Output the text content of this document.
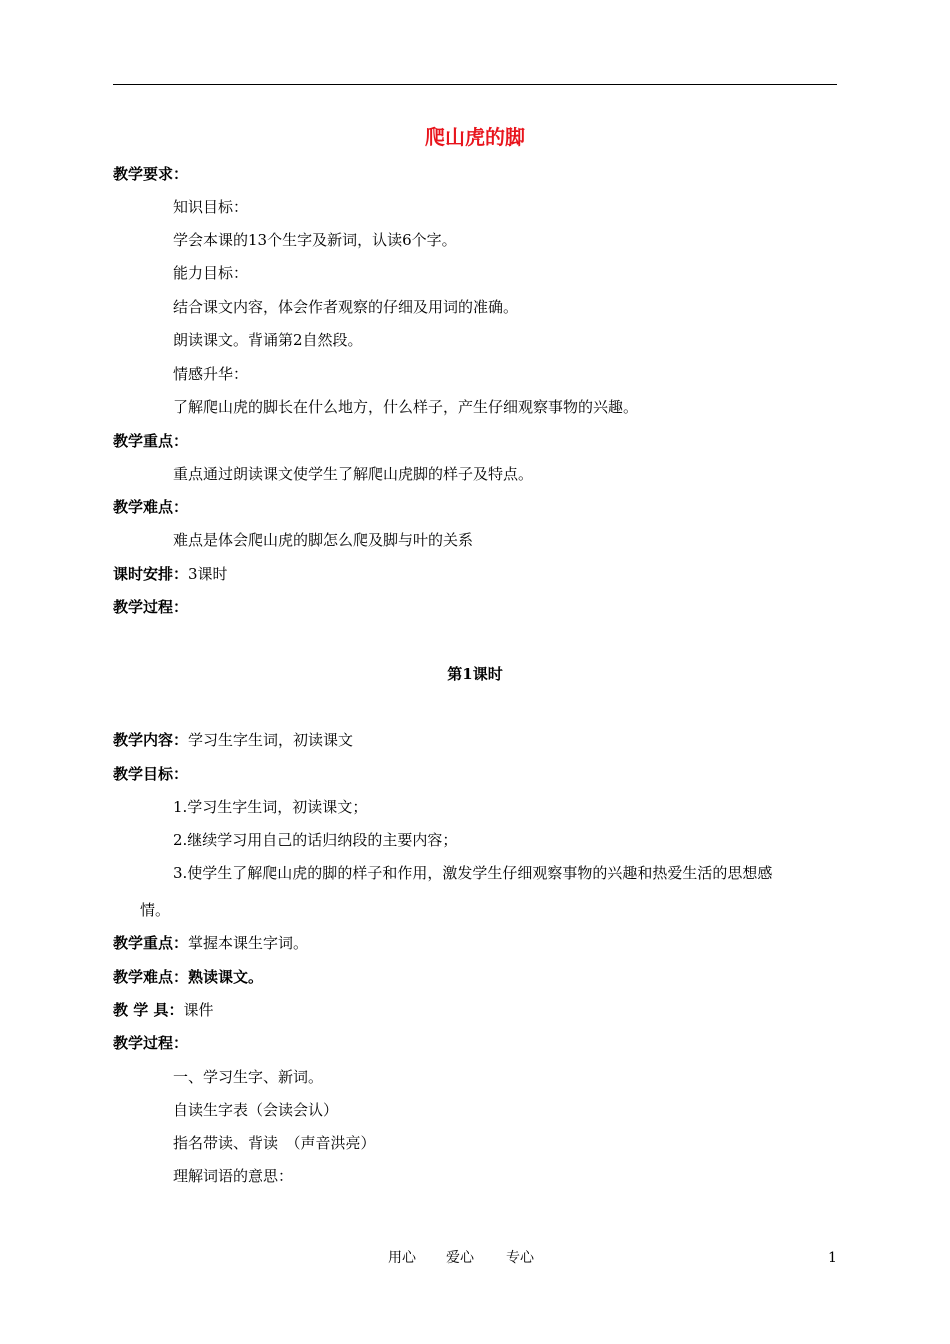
爬山虎的脚
教学要求：
知识目标：
学会本课的13个生字及新词，认读6个字。
能力目标：
结合课文内容，体会作者观察的仔细及用词的准确。
朗读课文。背诵第2自然段。
情感升华：
了解爬山虎的脚长在什么地方，什么样子，产生仔细观察事物的兴趣。
教学重点：
重点通过朗读课文使学生了解爬山虎脚的样子及特点。
教学难点：
难点是体会爬山虎的脚怎么爬及脚与叶的关系
课时安排：3课时
教学过程：
第1课时
教学内容：学习生字生词，初读课文
教学目标：
1.学习生字生词，初读课文；
2.继续学习用自己的话归纳段的主要内容；
3.使学生了解爬山虎的脚的样子和作用，激发学生仔细观察事物的兴趣和热爱生活的思想感
情。
教学重点：掌握本课生字词。
教学难点：熟读课文。
教 学 具：课件
教学过程：
一、学习生字、新词。
自读生字表（会读会认）
指名带读、背读　（声音洪亮）
理解词语的意思：
用心 爱心 专心	1
